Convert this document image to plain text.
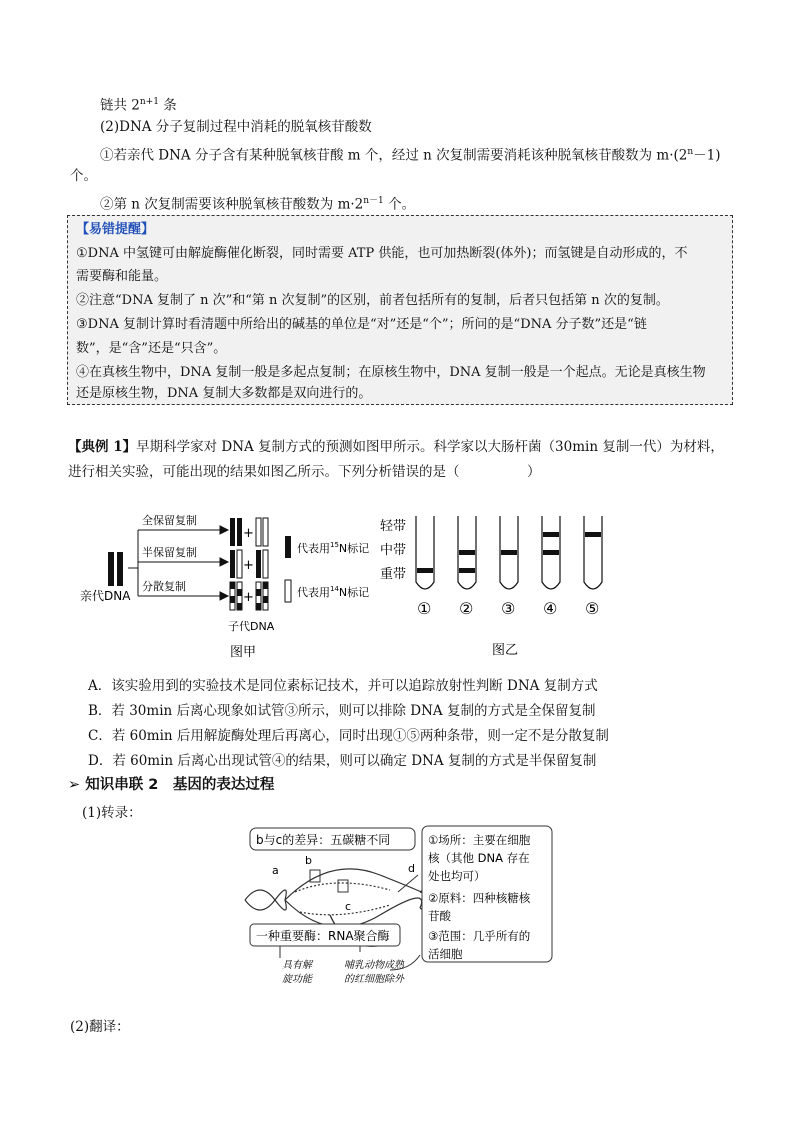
链共 $2^{n+1}$ 条
(2)DNA 分子复制过程中消耗的脱氧核苷酸数
①若亲代 DNA 分子含有某种脱氧核苷酸 m 个，经过 n 次复制需要消耗该种脱氧核苷酸数为 $m\cdot(2^n-1)$
个。
②第 n 次复制需要该种脱氧核苷酸数为 $m\cdot 2^{n-1}$ 个。
【易错提醒】
①DNA 中氢键可由解旋酶催化断裂，同时需要 ATP 供能，也可加热断裂(体外)；而氢键是自动形成的，不
需要酶和能量。
②注意“DNA 复制了 n 次”和“第 n 次复制”的区别，前者包括所有的复制，后者只包括第 n 次的复制。
③DNA 复制计算时看清题中所给出的碱基的单位是“对”还是“个”；所问的是“DNA 分子数”还是“链
数”，是“含”还是“只含”。
④在真核生物中，DNA 复制一般是多起点复制；在原核生物中，DNA 复制一般是一个起点。无论是真核生物
还是原核生物，DNA 复制大多数都是双向进行的。
【典例 1】早期科学家对 DNA 复制方式的预测如图甲所示。科学家以大肠杆菌（30min 复制一代）为材料，
进行相关实验，可能出现的结果如图乙所示。下列分析错误的是（　　　　　）
亲代DNA
全保留复制
半保留复制
分散复制
+
+
+
子代DNA
代表用$^{15}$N标记
代表用$^{14}$N标记
图甲
轻带
中带
重带
① ② ③ ④ ⑤
图乙
A．该实验用到的实验技术是同位素标记技术，并可以追踪放射性判断 DNA 复制方式
B．若 30min 后离心现象如试管③所示，则可以排除 DNA 复制的方式是全保留复制
C．若 60min 后用解旋酶处理后再离心，同时出现①⑤两种条带，则一定不是分散复制
D．若 60min 后离心出现试管④的结果，则可以确定 DNA 复制的方式是半保留复制
➢ 知识串联 2　基因的表达过程
(1)转录：
b与c的差异：五碳糖不同
a
b
c
d
一种重要酶：RNA聚合酶
具有解
旋功能
哺乳动物成熟
的红细胞除外
①场所：主要在细胞
核（其他 DNA 存在
处也均可）
②原料：四种核糖核
苷酸
③范围：几乎所有的
活细胞
(2)翻译：
